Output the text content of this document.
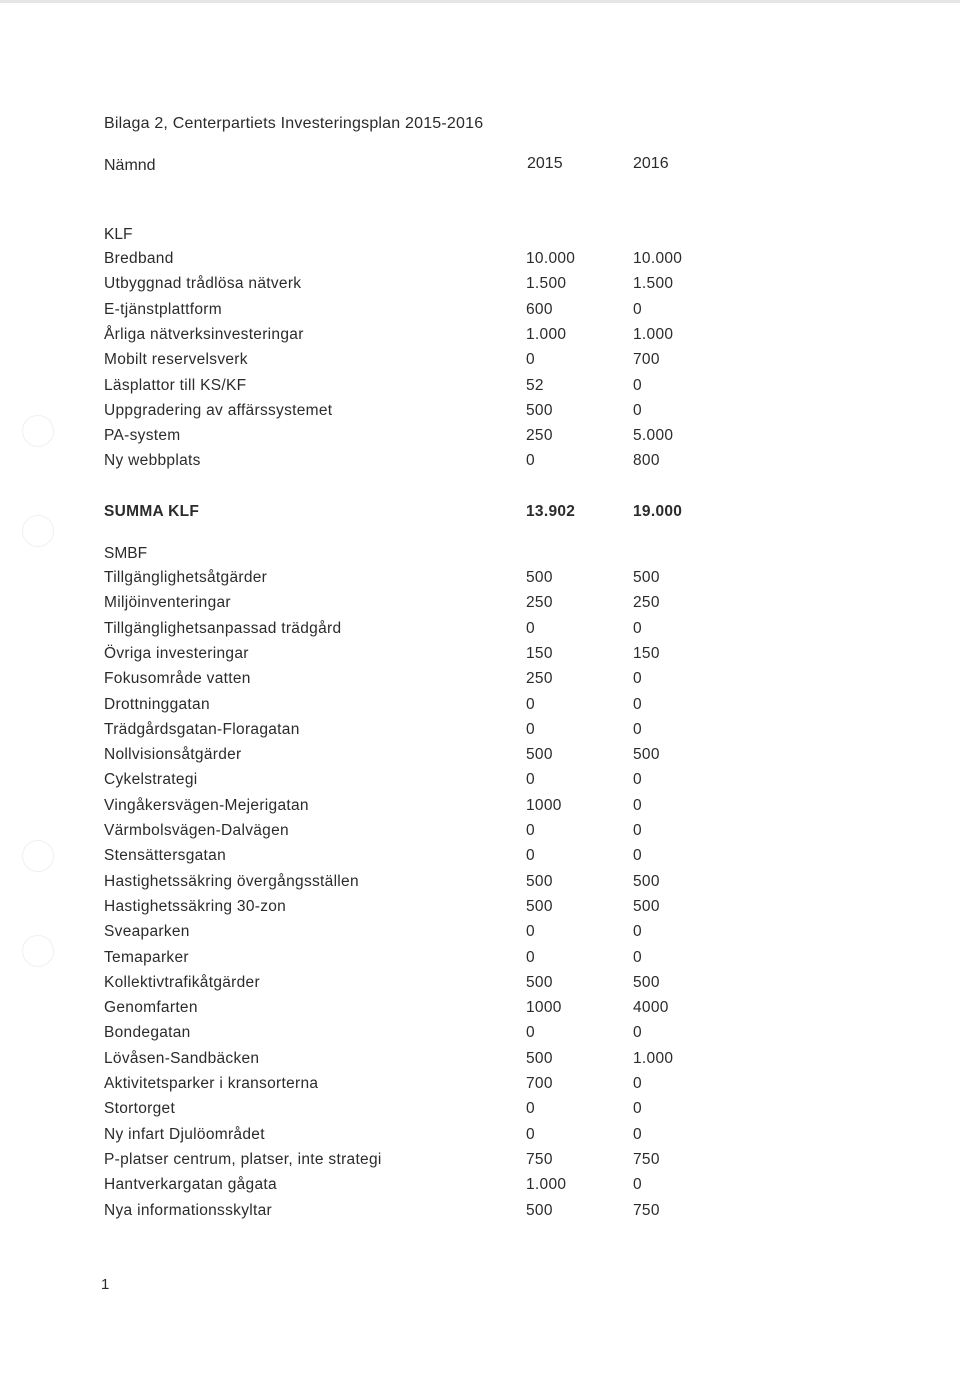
Bilaga 2, Centerpartiets Investeringsplan 2015-2016
Nämnd	2015	2016
KLF
Bredband	10.000	10.000
Utbyggnad trådlösa nätverk	1.500	1.500
E-tjänstplattform	600	0
Årliga nätverksinvesteringar	1.000	1.000
Mobilt reservelsverk	0	700
Läsplattor till KS/KF	52	0
Uppgradering av affärssystemet	500	0
PA-system	250	5.000
Ny webbplats	0	800
SUMMA KLF	13.902	19.000
SMBF
Tillgänglighetsåtgärder	500	500
Miljöinventeringar	250	250
Tillgänglighetsanpassad trädgård	0	0
Övriga investeringar	150	150
Fokusområde vatten	250	0
Drottninggatan	0	0
Trädgårdsgatan-Floragatan	0	0
Nollvisionsåtgärder	500	500
Cykelstrategi	0	0
Vingåkersvägen-Mejerigatan	1000	0
Värmbolsvägen-Dalvägen	0	0
Stensättersgatan	0	0
Hastighetssäkring övergångsställen	500	500
Hastighetssäkring 30-zon	500	500
Sveaparken	0	0
Temaparker	0	0
Kollektivtrafikåtgärder	500	500
Genomfarten	1000	4000
Bondegatan	0	0
Lövåsen-Sandbäcken	500	1.000
Aktivitetsparker i kransorterna	700	0
Stortorget	0	0
Ny infart Djulöområdet	0	0
P-platser centrum, platser, inte strategi	750	750
Hantverkargatan gågata	1.000	0
Nya informationsskyltar	500	750
1
